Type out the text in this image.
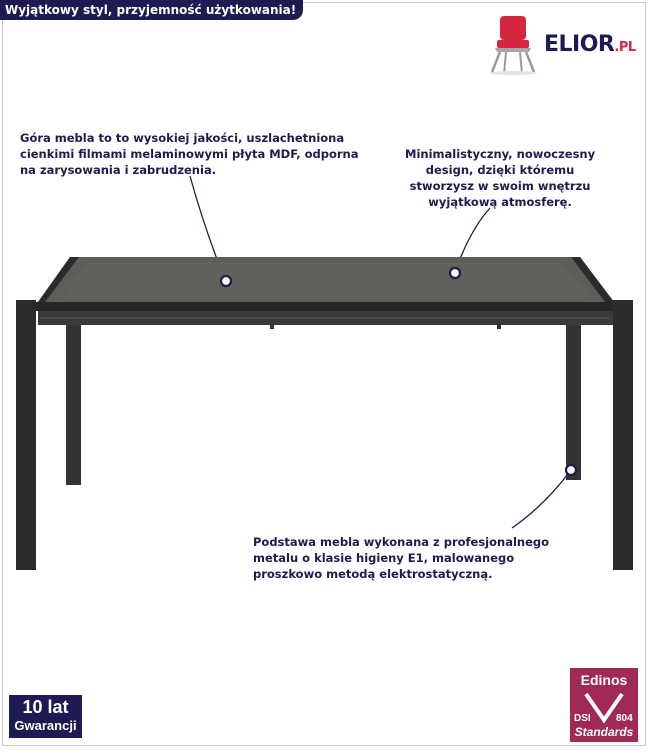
Wyjątkowy styl, przyjemność użytkowania!
ELIOR.PL
Góra mebla to to wysokiej jakości, uszlachetniona
cienkimi filmami melaminowymi płyta MDF, odporna
na zarysowania i zabrudzenia.
Minimalistyczny, nowoczesny
design, dzięki któremu
stworzysz w swoim wnętrzu
wyjątkową atmosferę.
Podstawa mebla wykonana z profesjonalnego
metalu o klasie higieny E1, malowanego
proszkowo metodą elektrostatyczną.
10 lat
Gwarancji
Edinos
DSI	804
Standards
